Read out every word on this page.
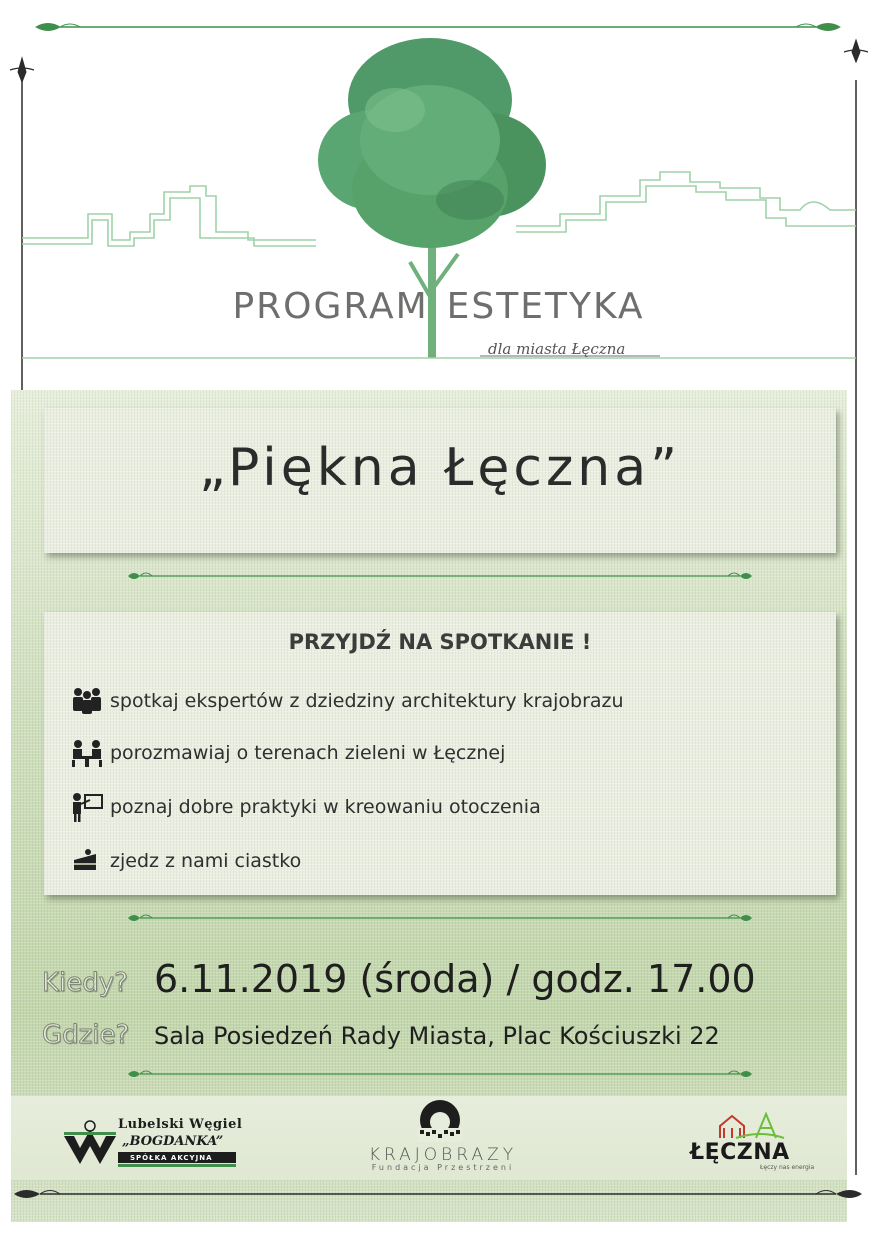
PROGRAM ESTETYKA
dla miasta Łęczna
„Piękna Łęczna”
PRZYJDŹ NA SPOTKANIE !
spotkaj ekspertów z dziedziny architektury krajobrazu
porozmawiaj o terenach zieleni w Łęcznej
poznaj dobre praktyki w kreowaniu otoczenia
zjedz z nami ciastko
Kiedy? 6.11.2019 (środa) / godz. 17.00
Gdzie? Sala Posiedzeń Rady Miasta, Plac Kościuszki 22
Lubelski Węgiel
„BOGDANKA”
SPÓŁKA AKCYJNA	KRAJOBRAZY
Fundacja Przestrzeni
ŁĘCZNA
Łęczy nas energia
